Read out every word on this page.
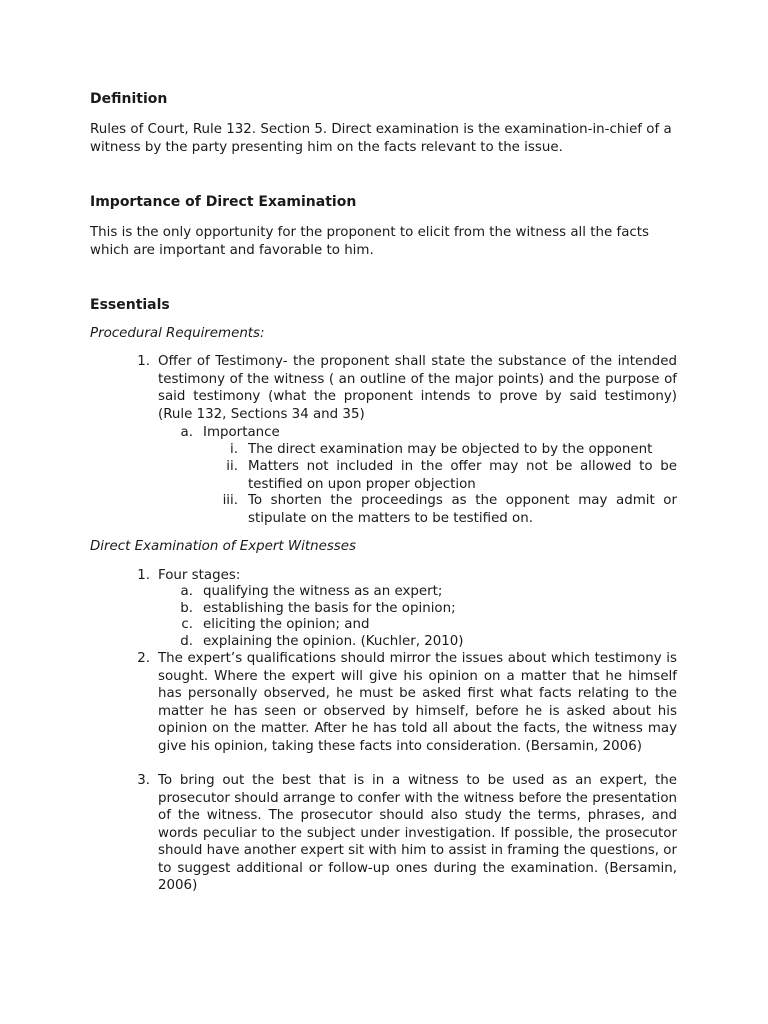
Definition
Rules of Court, Rule 132. Section 5. Direct examination is the examination-in-chief of a witness by the party presenting him on the facts relevant to the issue.
Importance of Direct Examination
This is the only opportunity for the proponent to elicit from the witness all the facts which are important and favorable to him.
Essentials
Procedural Requirements:
1. Offer of Testimony- the proponent shall state the substance of the intended testimony of the witness ( an outline of the major points) and the purpose of said testimony (what the proponent intends to prove by said testimony) (Rule 132, Sections 34 and 35)
a. Importance
i. The direct examination may be objected to by the opponent
ii. Matters not included in the offer may not be allowed to be testified on upon proper objection
iii. To shorten the proceedings as the opponent may admit or stipulate on the matters to be testified on.
Direct Examination of Expert Witnesses
1. Four stages:
a. qualifying the witness as an expert;
b. establishing the basis for the opinion;
c. eliciting the opinion; and
d. explaining the opinion. (Kuchler, 2010)
2. The expert’s qualifications should mirror the issues about which testimony is sought. Where the expert will give his opinion on a matter that he himself has personally observed, he must be asked first what facts relating to the matter he has seen or observed by himself, before he is asked about his opinion on the matter. After he has told all about the facts, the witness may give his opinion, taking these facts into consideration. (Bersamin, 2006)
3. To bring out the best that is in a witness to be used as an expert, the prosecutor should arrange to confer with the witness before the presentation of the witness. The prosecutor should also study the terms, phrases, and words peculiar to the subject under investigation. If possible, the prosecutor should have another expert sit with him to assist in framing the questions, or to suggest additional or follow-up ones during the examination. (Bersamin, 2006)
